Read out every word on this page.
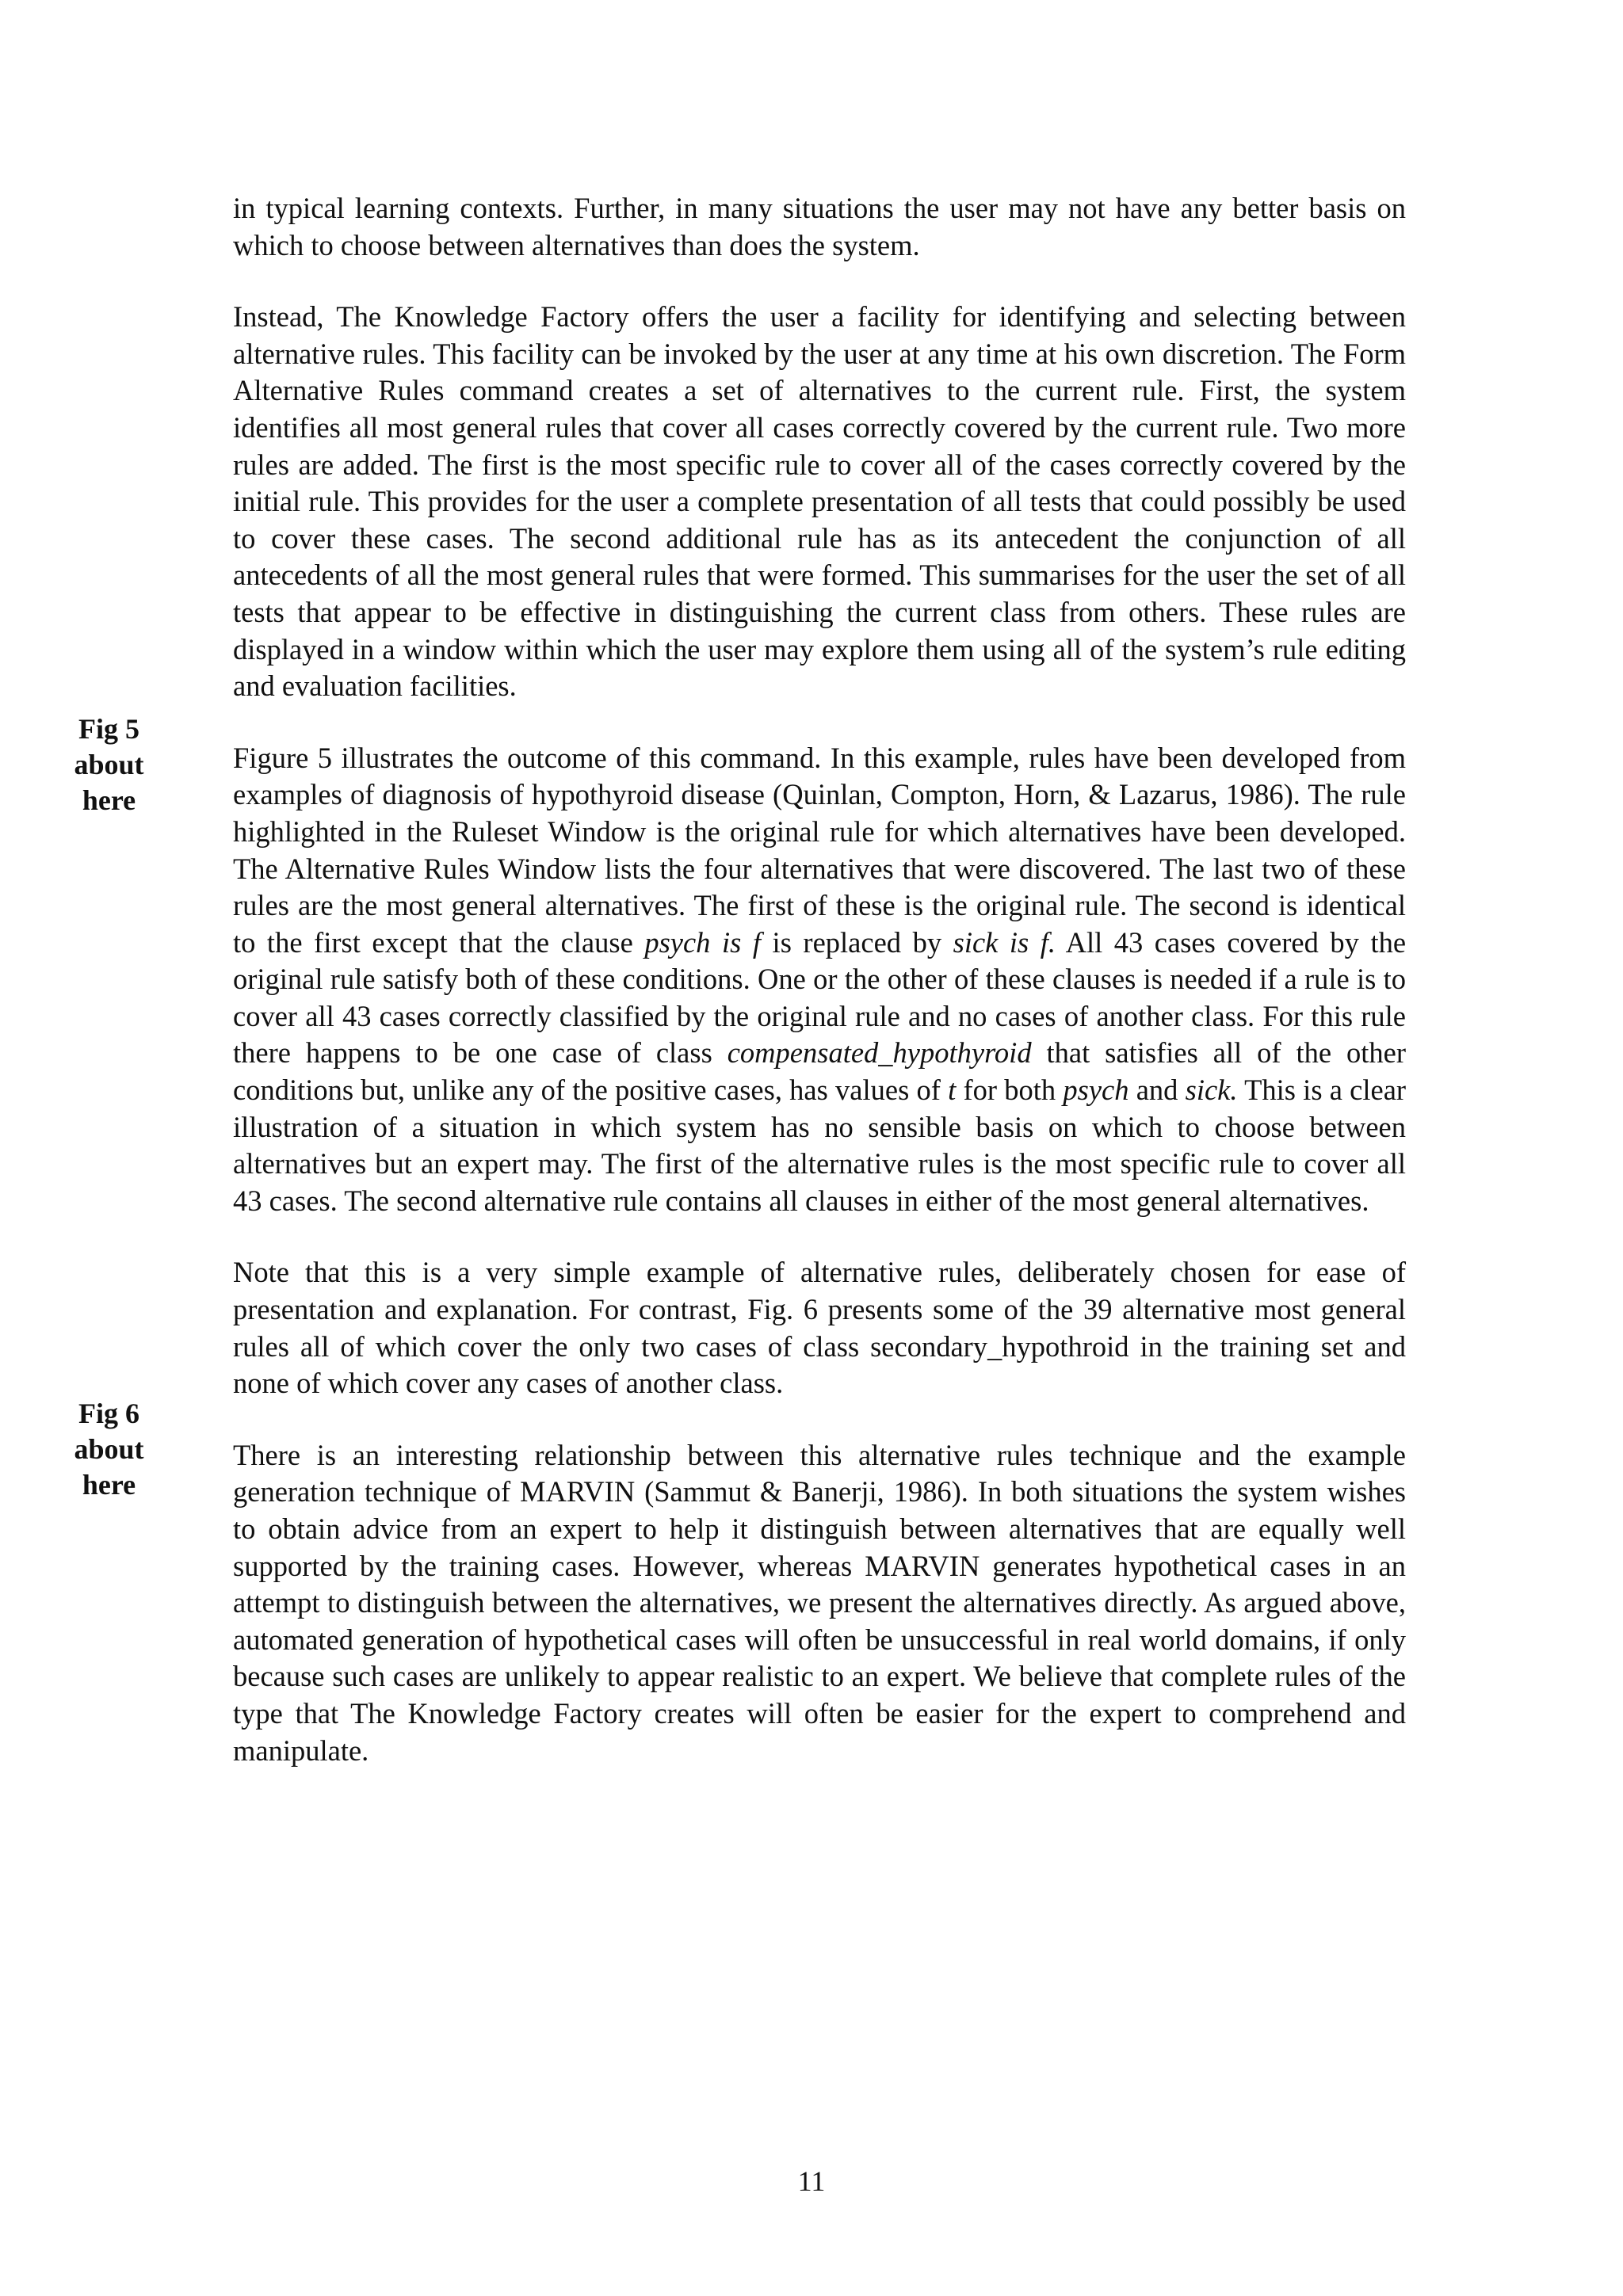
in typical learning contexts. Further, in many situations the user may not have any better basis on which to choose between alternatives than does the system.

Instead, The Knowledge Factory offers the user a facility for identifying and selecting between alternative rules. This facility can be invoked by the user at any time at his own discretion. The Form Alternative Rules command creates a set of alternatives to the current rule. First, the system identifies all most general rules that cover all cases correctly covered by the current rule. Two more rules are added. The first is the most specific rule to cover all of the cases correctly covered by the initial rule. This provides for the user a complete presentation of all tests that could possibly be used to cover these cases. The second additional rule has as its antecedent the conjunction of all antecedents of all the most general rules that were formed. This summarises for the user the set of all tests that appear to be effective in distinguishing the current class from others. These rules are displayed in a window within which the user may explore them using all of the system’s rule editing and evaluation facilities.

Figure 5 illustrates the outcome of this command. In this example, rules have been developed from examples of diagnosis of hypothyroid disease (Quinlan, Compton, Horn, & Lazarus, 1986). The rule highlighted in the Ruleset Window is the original rule for which alternatives have been developed. The Alternative Rules Window lists the four alternatives that were discovered. The last two of these rules are the most general alternatives. The first of these is the original rule. The second is identical to the first except that the clause psych is f is replaced by sick is f. All 43 cases covered by the original rule satisfy both of these conditions. One or the other of these clauses is needed if a rule is to cover all 43 cases correctly classified by the original rule and no cases of another class. For this rule there happens to be one case of class compensated_hypothyroid that satisfies all of the other conditions but, unlike any of the positive cases, has values of t for both psych and sick. This is a clear illustration of a situation in which system has no sensible basis on which to choose between alternatives but an expert may. The first of the alternative rules is the most specific rule to cover all 43 cases. The second alternative rule contains all clauses in either of the most general alternatives.

Note that this is a very simple example of alternative rules, deliberately chosen for ease of presentation and explanation. For contrast, Fig. 6 presents some of the 39 alternative most general rules all of which cover the only two cases of class secondary_hypothroid in the training set and none of which cover any cases of another class.

There is an interesting relationship between this alternative rules technique and the example generation technique of MARVIN (Sammut & Banerji, 1986). In both situations the system wishes to obtain advice from an expert to help it distinguish between alternatives that are equally well supported by the training cases. However, whereas MARVIN generates hypothetical cases in an attempt to distinguish between the alternatives, we present the alternatives directly. As argued above, automated generation of hypothetical cases will often be unsuccessful in real world domains, if only because such cases are unlikely to appear realistic to an expert. We believe that complete rules of the type that The Knowledge Factory creates will often be easier for the expert to comprehend and manipulate.

Fig 5
about
here
Fig 6
about
here
11
